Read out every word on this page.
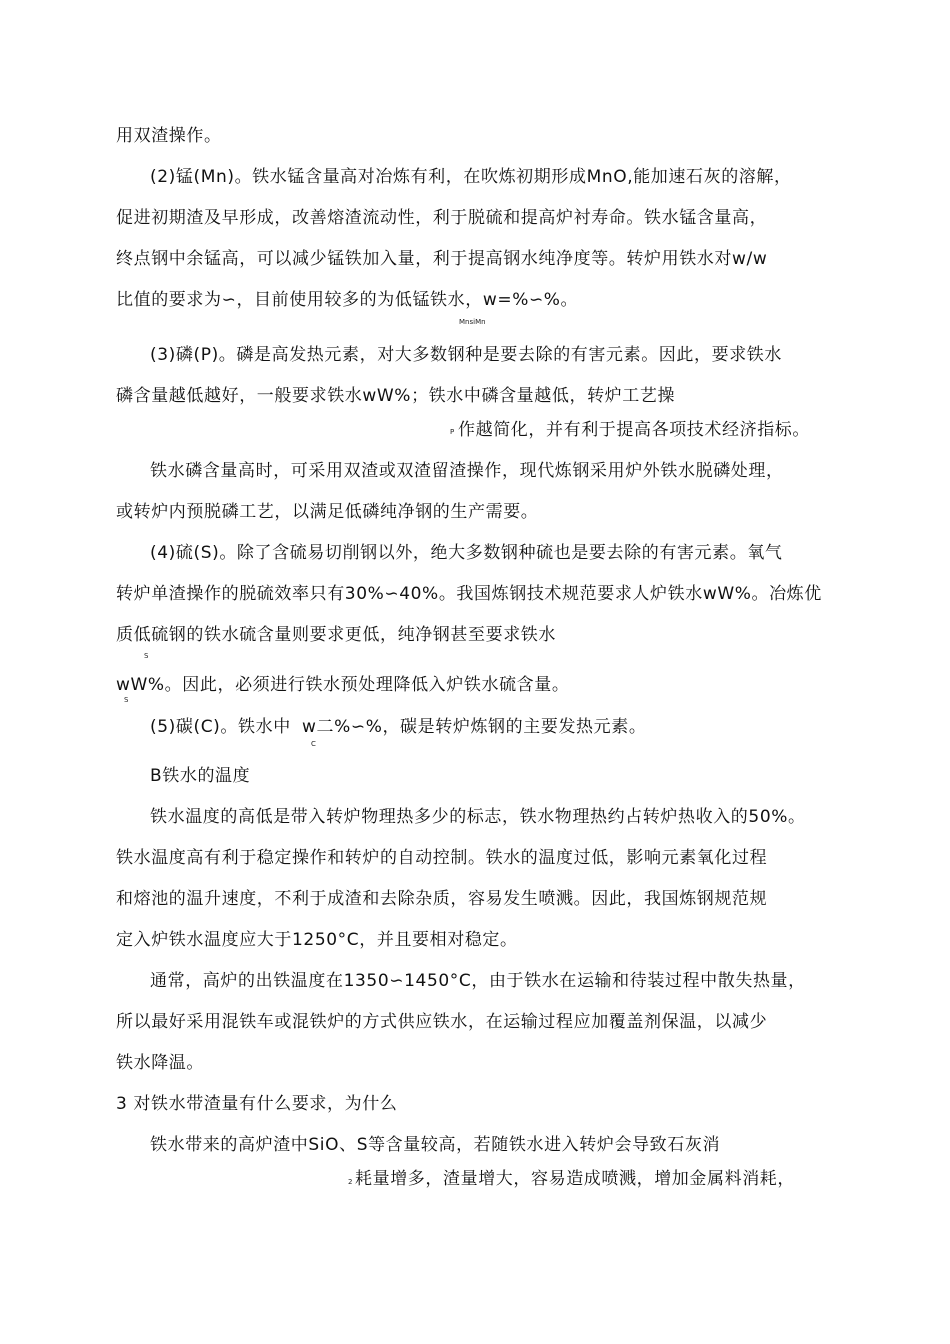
用双渣操作。
(2)锰(Mn)。铁水锰含量高对冶炼有利，在吹炼初期形成MnO,能加速石灰的溶解，
促进初期渣及早形成，改善熔渣流动性，利于脱硫和提高炉衬寿命。铁水锰含量高，
终点钢中余锰高，可以减少锰铁加入量，利于提高钢水纯净度等。转炉用铁水对w/w
比值的要求为∽，目前使用较多的为低锰铁水，w=%∽%。
MnsiMn
(3)磷(P)。磷是高发热元素，对大多数钢种是要去除的有害元素。因此，要求铁水
磷含量越低越好，一般要求铁水wW%；铁水中磷含量越低，转炉工艺操
P 作越简化，并有利于提高各项技术经济指标。
铁水磷含量高时，可采用双渣或双渣留渣操作，现代炼钢采用炉外铁水脱磷处理，
或转炉内预脱磷工艺，以满足低磷纯净钢的生产需要。
(4)硫(S)。除了含硫易切削钢以外，绝大多数钢种硫也是要去除的有害元素。氧气
转炉单渣操作的脱硫效率只有30%∽40%。我国炼钢技术规范要求人炉铁水wW%。冶炼优
质低硫钢的铁水硫含量则要求更低，纯净钢甚至要求铁水
S
wW%。因此，必须进行铁水预处理降低入炉铁水硫含量。
S
(5)碳(C)。铁水中 w二%∽%，碳是转炉炼钢的主要发热元素。
C
B铁水的温度
铁水温度的高低是带入转炉物理热多少的标志，铁水物理热约占转炉热收入的50%。
铁水温度高有利于稳定操作和转炉的自动控制。铁水的温度过低，影响元素氧化过程
和熔池的温升速度，不利于成渣和去除杂质，容易发生喷溅。因此，我国炼钢规范规
定入炉铁水温度应大于1250°C，并且要相对稳定。
通常，高炉的出铁温度在1350∽1450°C，由于铁水在运输和待装过程中散失热量，
所以最好采用混铁车或混铁炉的方式供应铁水，在运输过程应加覆盖剂保温，以减少
铁水降温。
3 对铁水带渣量有什么要求，为什么
铁水带来的高炉渣中SiO、S等含量较高，若随铁水进入转炉会导致石灰消
2 耗量增多，渣量增大，容易造成喷溅，增加金属料消耗，
